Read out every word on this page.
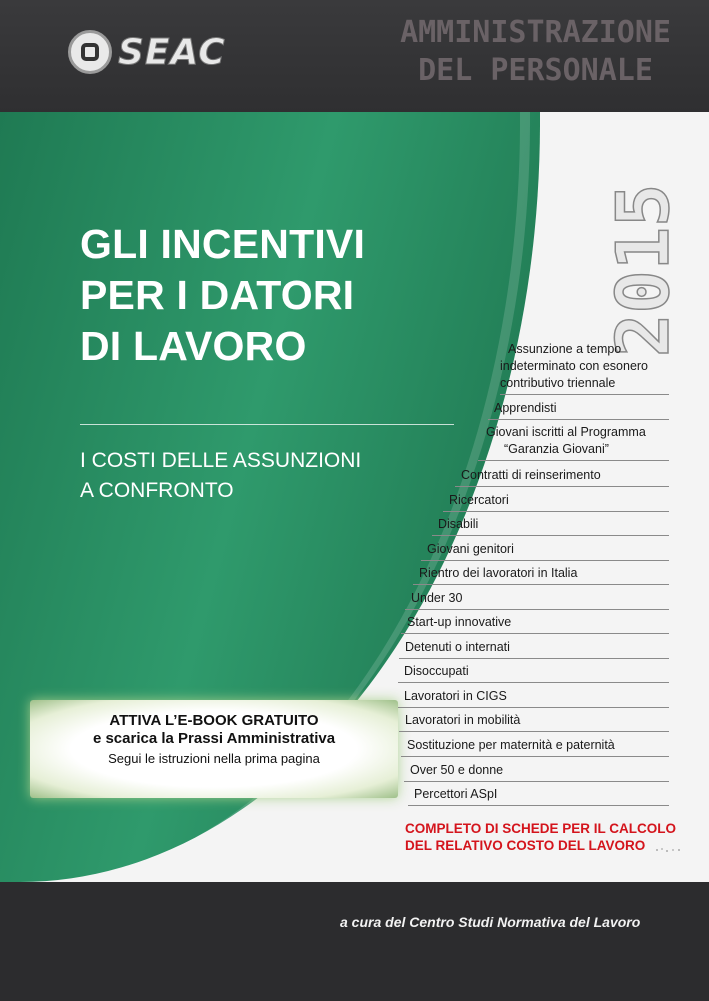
SEAC	AMMINISTRAZIONE
DEL PERSONALE
2015
GLI INCENTIVI
PER I DATORI
DI LAVORO
I COSTI DELLE ASSUNZIONI
A CONFRONTO
ATTIVA L’E-BOOK GRATUITO
e scarica la Prassi Amministrativa
Segui le istruzioni nella prima pagina
Assunzione a tempo
indeterminato con esonero
contributivo triennale
Apprendisti
Giovani iscritti al Programma
“Garanzia Giovani”
Contratti di reinserimento
Ricercatori
Disabili
Giovani genitori
Rientro dei lavoratori in Italia
Under 30
Start-up innovative
Detenuti o internati
Disoccupati
Lavoratori in CIGS
Lavoratori in mobilità
Sostituzione per maternità e paternità
Over 50 e donne
Percettori ASpI
COMPLETO DI SCHEDE PER IL CALCOLO
DEL RELATIVO COSTO DEL LAVORO
a cura del Centro Studi Normativa del Lavoro
